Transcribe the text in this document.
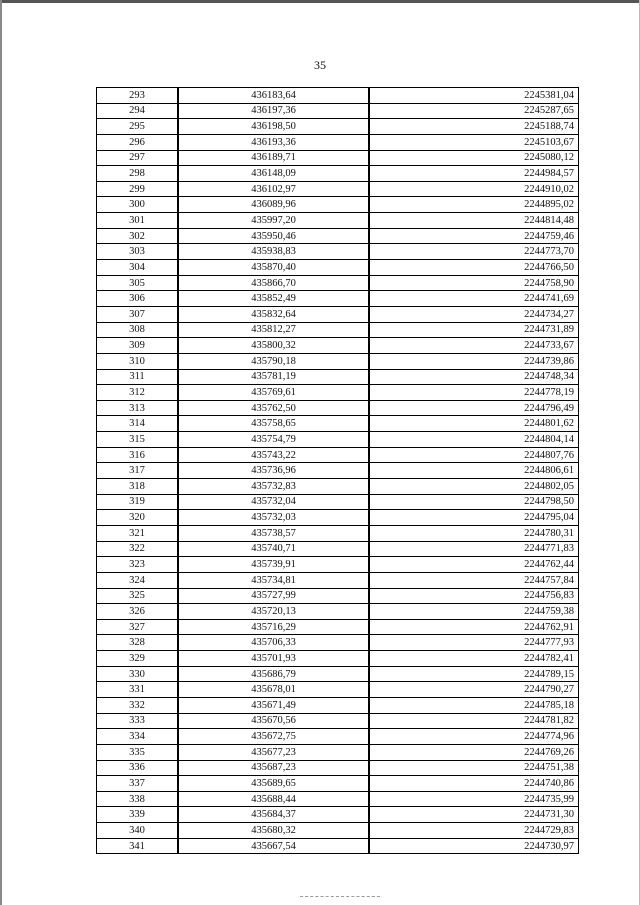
35
293	436183,64	2245381,04
294	436197,36	2245287,65
295	436198,50	2245188,74
296	436193,36	2245103,67
297	436189,71	2245080,12
298	436148,09	2244984,57
299	436102,97	2244910,02
300	436089,96	2244895,02
301	435997,20	2244814,48
302	435950,46	2244759,46
303	435938,83	2244773,70
304	435870,40	2244766,50
305	435866,70	2244758,90
306	435852,49	2244741,69
307	435832,64	2244734,27
308	435812,27	2244731,89
309	435800,32	2244733,67
310	435790,18	2244739,86
311	435781,19	2244748,34
312	435769,61	2244778,19
313	435762,50	2244796,49
314	435758,65	2244801,62
315	435754,79	2244804,14
316	435743,22	2244807,76
317	435736,96	2244806,61
318	435732,83	2244802,05
319	435732,04	2244798,50
320	435732,03	2244795,04
321	435738,57	2244780,31
322	435740,71	2244771,83
323	435739,91	2244762,44
324	435734,81	2244757,84
325	435727,99	2244756,83
326	435720,13	2244759,38
327	435716,29	2244762,91
328	435706,33	2244777,93
329	435701,93	2244782,41
330	435686,79	2244789,15
331	435678,01	2244790,27
332	435671,49	2244785,18
333	435670,56	2244781,82
334	435672,75	2244774,96
335	435677,23	2244769,26
336	435687,23	2244751,38
337	435689,65	2244740,86
338	435688,44	2244735,99
339	435684,37	2244731,30
340	435680,32	2244729,83
341	435667,54	2244730,97
